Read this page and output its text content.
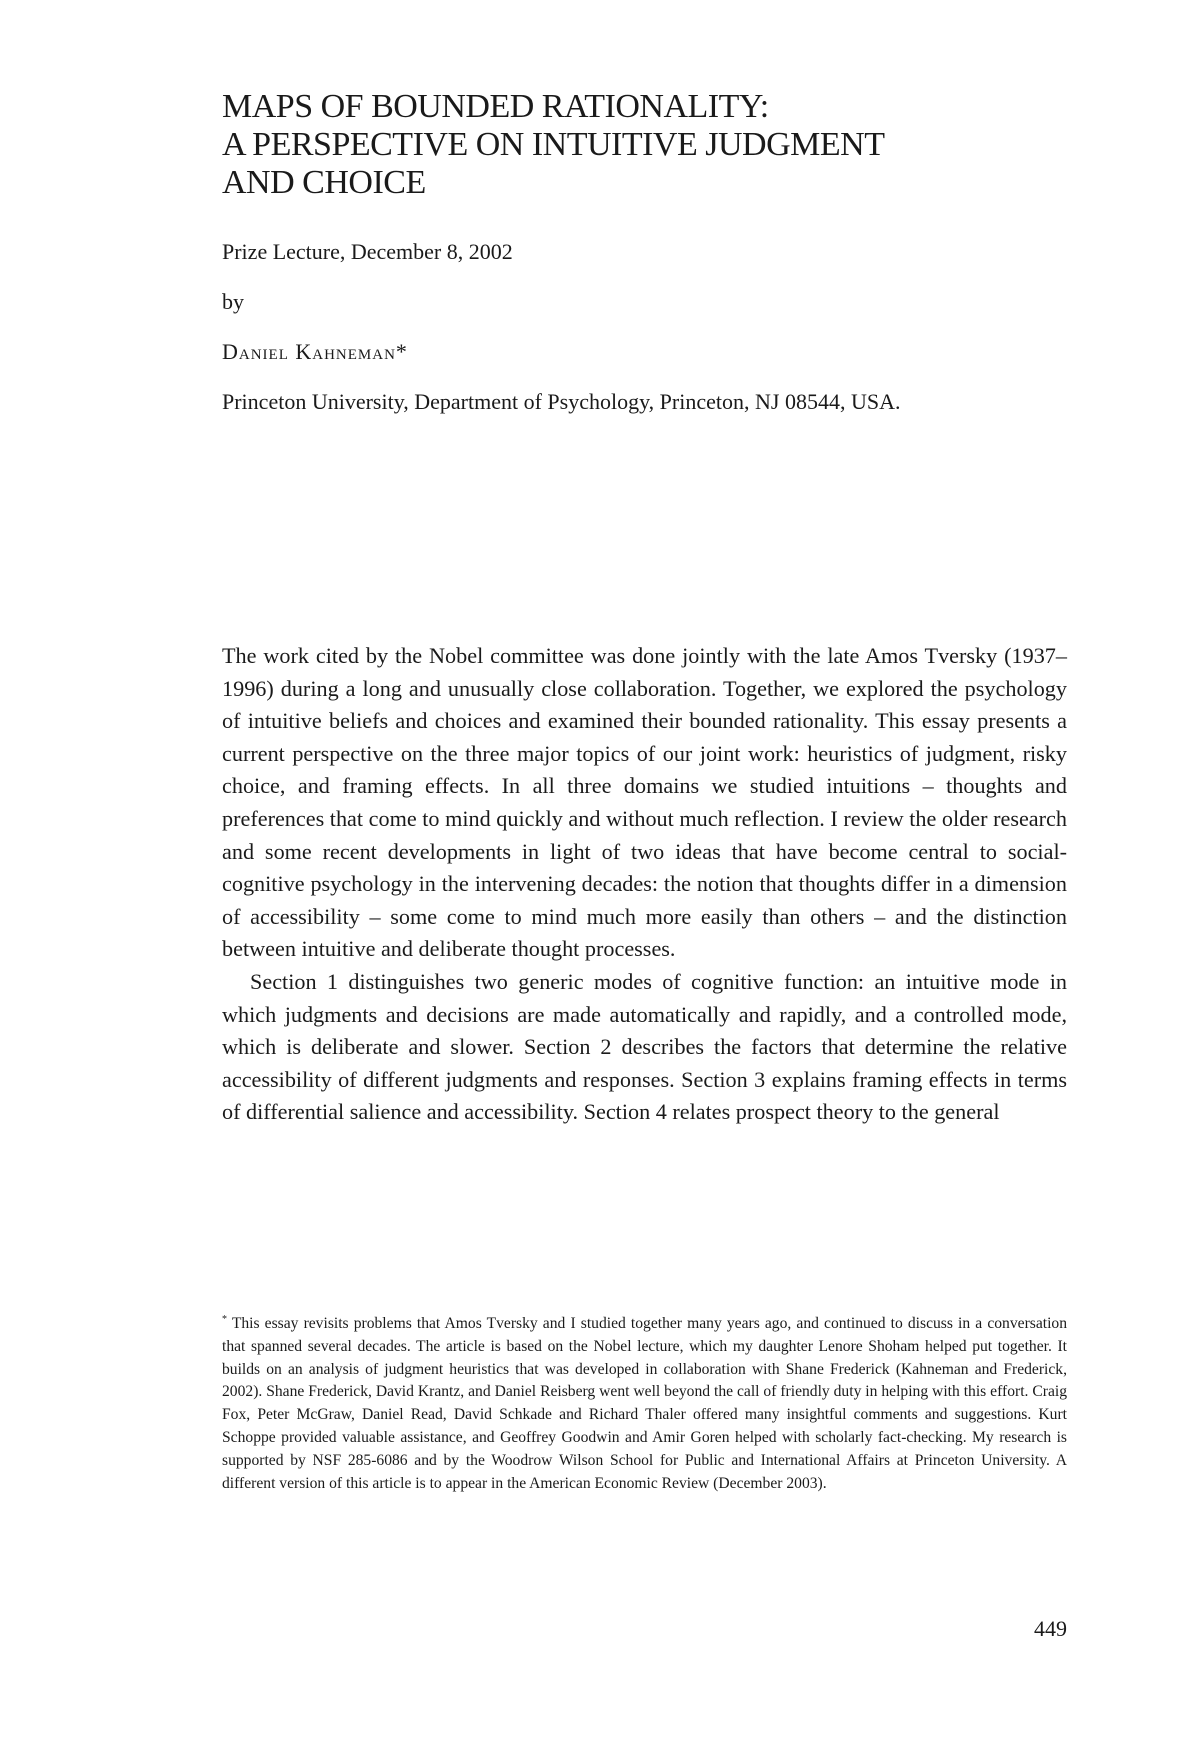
MAPS OF BOUNDED RATIONALITY:
A PERSPECTIVE ON INTUITIVE JUDGMENT
AND CHOICE

Prize Lecture, December 8, 2002

by

Daniel Kahneman*

Princeton University, Department of Psychology, Princeton, NJ 08544, USA.

The work cited by the Nobel committee was done jointly with the late Amos Tversky (1937–1996) during a long and unusually close collaboration. Together, we explored the psychology of intuitive beliefs and choices and examined their bounded rationality. This essay presents a current perspective on the three major topics of our joint work: heuristics of judgment, risky choice, and framing effects. In all three domains we studied intuitions – thoughts and preferences that come to mind quickly and without much reflection. I review the older research and some recent developments in light of two ideas that have become central to social-cognitive psychology in the intervening decades: the notion that thoughts differ in a dimension of accessibility – some come to mind much more easily than others – and the distinction between intuitive and deliberate thought processes.

Section 1 distinguishes two generic modes of cognitive function: an intuitive mode in which judgments and decisions are made automatically and rapidly, and a controlled mode, which is deliberate and slower. Section 2 describes the factors that determine the relative accessibility of different judgments and responses. Section 3 explains framing effects in terms of differential salience and accessibility. Section 4 relates prospect theory to the general

* This essay revisits problems that Amos Tversky and I studied together many years ago, and continued to discuss in a conversation that spanned several decades. The article is based on the Nobel lecture, which my daughter Lenore Shoham helped put together. It builds on an analysis of judgment heuristics that was developed in collaboration with Shane Frederick (Kahneman and Frederick, 2002). Shane Frederick, David Krantz, and Daniel Reisberg went well beyond the call of friendly duty in helping with this effort. Craig Fox, Peter McGraw, Daniel Read, David Schkade and Richard Thaler offered many insightful comments and suggestions. Kurt Schoppe provided valuable assistance, and Geoffrey Goodwin and Amir Goren helped with scholarly fact-checking. My research is supported by NSF 285-6086 and by the Woodrow Wilson School for Public and International Affairs at Princeton University. A different version of this article is to appear in the American Economic Review (December 2003).

449
